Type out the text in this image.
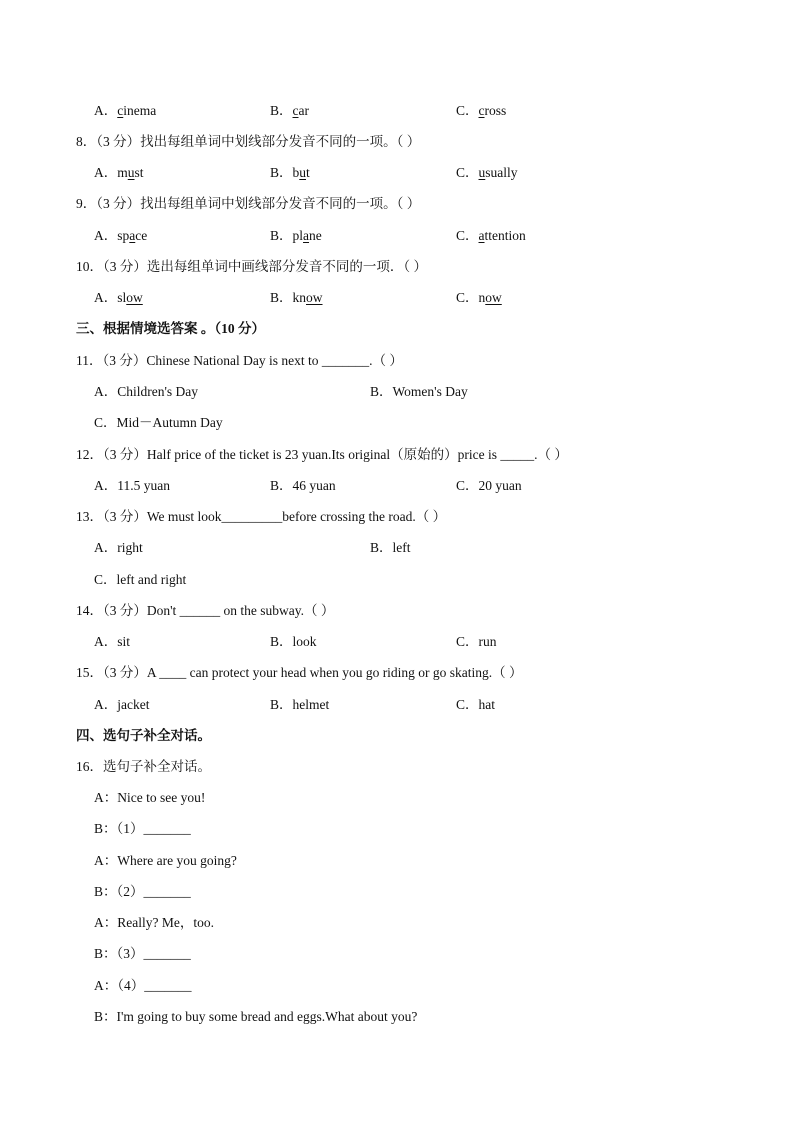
A．cinema	B．car	C．cross
8．（3 分）找出每组单词中划线部分发音不同的一项。（ ）
A．must	B．but	C．usually
9．（3 分）找出每组单词中划线部分发音不同的一项。（ ）
A．space	B．plane	C．attention
10．（3 分）选出每组单词中画线部分发音不同的一项．（ ）
A．slow	B．know	C．now
三、根据情境选答案 。（10 分）
11．（3 分）Chinese National Day is next to _______.（ ）
A．Children's Day	B．Women's Day
C．Mid－Autumn Day
12．（3 分）Half price of the ticket is 23 yuan.Its original（原始的）price is _____.（ ）
A．11.5 yuan	B．46 yuan	C．20 yuan
13．（3 分）We must look_________before crossing the road.（ ）
A．right	B．left
C．left and right
14．（3 分）Don't ______ on the subway.（ ）
A．sit	B．look	C．run
15．（3 分）A ____ can protect your head when you go riding or go skating.（ ）
A．jacket	B．helmet	C．hat
四、选句子补全对话。
16．选句子补全对话。
A：Nice to see you!
B：（1）_______
A：Where are you going?
B：（2）_______
A：Really? Me，too.
B：（3）_______
A：（4）_______
B：I'm going to buy some bread and eggs.What about you?
